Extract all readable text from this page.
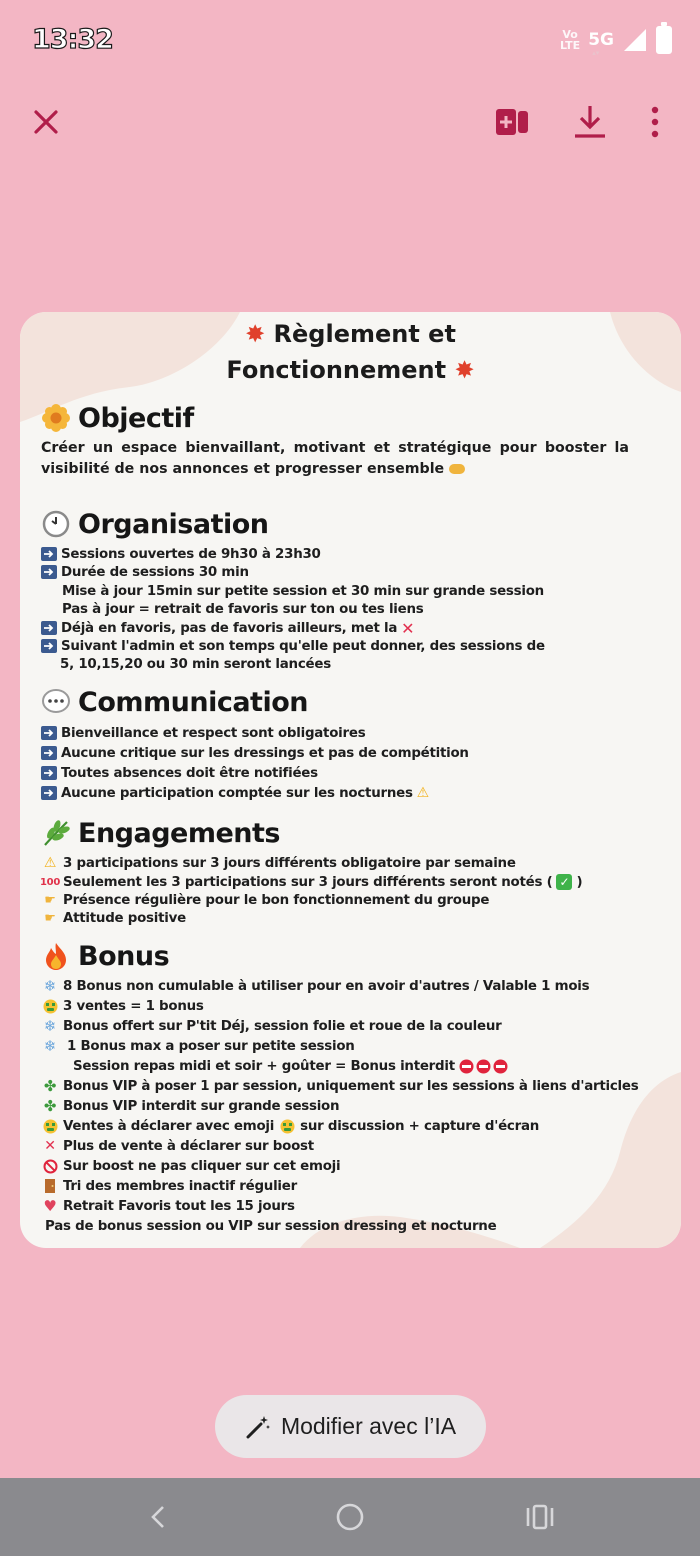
13:32	Vo
LTE 5G
▴▾
✸ Règlement et
Fonctionnement ✸
Objectif
Créer un espace bienvaillant, motivant et stratégique pour booster la visibilité de nos annonces et progresser ensemble
Organisation
Sessions ouvertes de 9h30 à 23h30
Durée de sessions 30 min
Mise à jour 15min sur petite session et 30 min sur grande session
Pas à jour = retrait de favoris sur ton ou tes liens
Déjà en favoris, pas de favoris ailleurs, met la ✕
Suivant l'admin et son temps qu'elle peut donner, des sessions de
5, 10,15,20 ou 30 min seront lancées
Communication
Bienveillance et respect sont obligatoires
Aucune critique sur les dressings et pas de compétition
Toutes absences doit être notifiées
Aucune participation comptée sur les nocturnes ⚠
Engagements
⚠ 3 participations sur 3 jours différents obligatoire par semaine
100 Seulement les 3 participations sur 3 jours différents seront notés ( ✓ )
☛ Présence régulière pour le bon fonctionnement du groupe
☛ Attitude positive
Bonus
❄ 8 Bonus non cumulable à utiliser pour en avoir d'autres / Valable 1 mois
3 ventes = 1 bonus
❄ Bonus offert sur P'tit Déj, session folie et roue de la couleur
❄ 1 Bonus max a poser sur petite session
Session repas midi et soir + goûter = Bonus interdit
✤ Bonus VIP à poser 1 par session, uniquement sur les sessions à liens d'articles
✤ Bonus VIP interdit sur grande session
Ventes à déclarer avec emoji sur discussion + capture d'écran
✕ Plus de vente à déclarer sur boost
Sur boost ne pas cliquer sur cet emoji
Tri des membres inactif régulier
♥ Retrait Favoris tout les 15 jours
Pas de bonus session ou VIP sur session dressing et nocturne
Modifier avec l’IA
